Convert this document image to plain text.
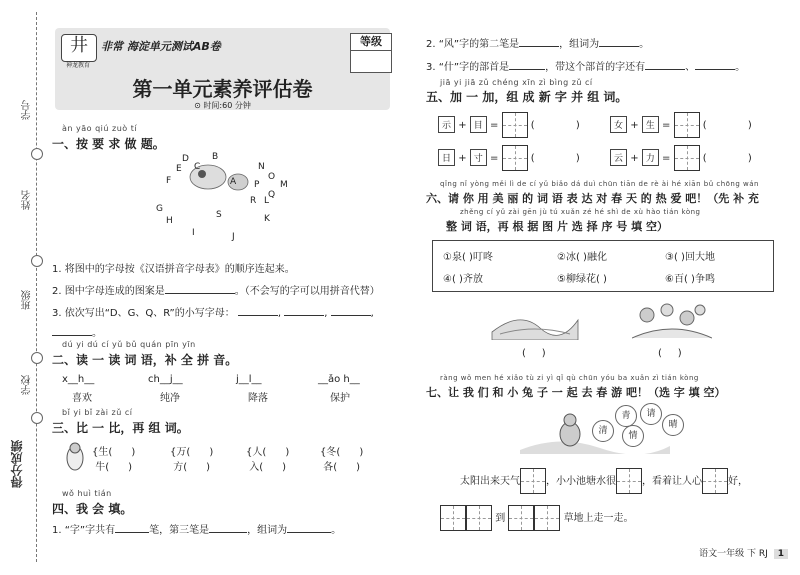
学号
姓名
班级
学校
得分成绩
井
神龙教育
非常 海淀单元测试AB卷
第一单元素养评估卷
⊙ 时间:60 分钟
等级
àn yāo qiú zuò tí
一、按 要 求 做 题。
D
E
F
B
C
A
G
H
I	J
K
L
M
N
O
P
Q
R
S
1. 将图中的字母按《汉语拼音字母表》的顺序连起来。
2. 图中字母连成的图案是	。（不会写的字可以用拼音代替）
3. 依次写出“D、G、Q、R”的小写字母：	,	,	,
。
dú yi dú cí yǔ bǔ quán pīn yīn
二、读 一 读 词 语，补 全 拼 音。
x__h__
喜欢
ch__j__
纯净
j__l__
降落
__ǎo h__
保护
bǐ yi bǐ zài zǔ cí
三、比 一 比，再 组 词。
{生(      )
牛(      )
{万(      )
方(      )
{人(      )
入(      )
{冬(      )
各(      )
wǒ huì tián
四、我 会 填。
1. “字”字共有	笔，第三笔是	，组词为	。
2. “风”字的第二笔是	，组词为	。
3. “什”字的部首是	，带这个部首的字还有	、	。
jiā yi jiā zǔ chéng xīn zì bìng zǔ cí
五、加 一 加，组 成 新 字 并 组 词。
示 + 目 =	(             )	女 + 生 =	(             )
日 + 寸 =	(             )	云 + 力 =	(             )
qǐng nǐ yòng měi lì de cí yǔ biǎo dá duì chūn tiān de rè ài hé xiān bǔ chōng wán
六、请 你 用 美 丽 的 词 语 表 达 对 春 天 的 热 爱 吧！（先 补 充
zhěng cí yǔ zài gēn jù tú xuǎn zé hé shì de xù hào tián kòng
整 词 语，再 根 据 图 片 选 择 序 号 填 空）
①泉( )叮咚	②冰( )融化	③( )回大地
④( )齐放	⑤柳绿花( )	⑥百( )争鸣
(     )	(     )
ràng wǒ men hé xiǎo tù zi yì qǐ qù chūn yóu ba xuǎn zì tián kòng
七、让 我 们 和 小 兔 子 一 起 去 春 游 吧！（选 字 填 空）
青	请
清	情
晴
太阳出来天气	，小小池塘水很	，看着让人心	好，
到	草地上走一走。
语文一年级 下 RJ 1
